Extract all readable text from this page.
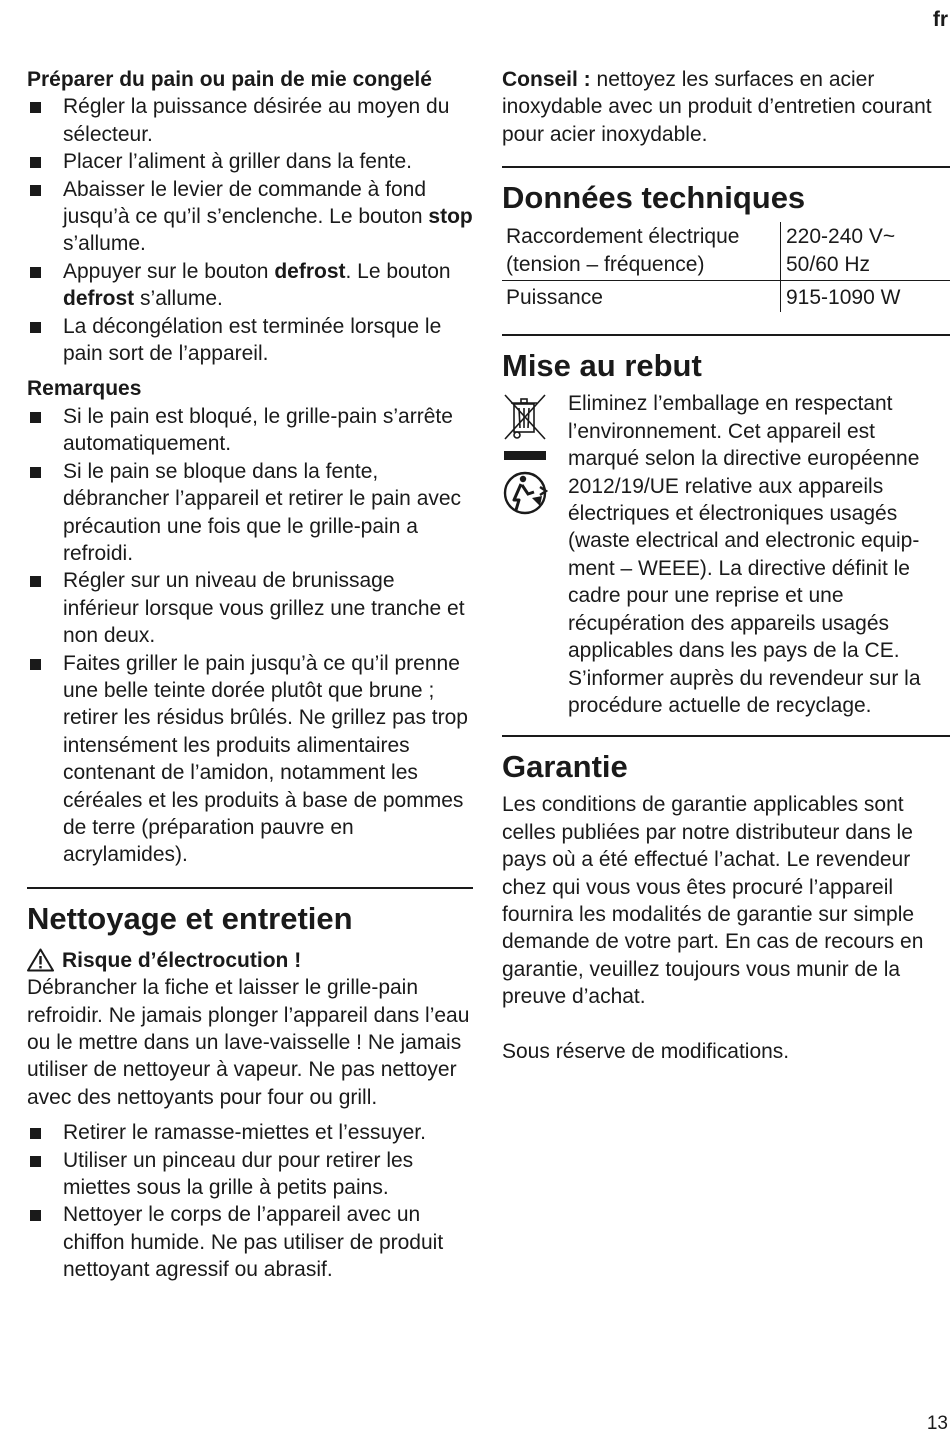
fr

Préparer du pain ou pain de mie congelé

Régler la puissance désirée au moyen du sélecteur.
Placer l’aliment à griller dans la fente.
Abaisser le levier de commande à fond jusqu’à ce qu’il s’enclenche. Le bouton stop s’allume.
Appuyer sur le bouton defrost. Le bouton defrost s’allume.
La décongélation est terminée lorsque le pain sort de l’appareil.

Remarques

Si le pain est bloqué, le grille-pain s’arrête automatiquement.
Si le pain se bloque dans la fente, débrancher l’appareil et retirer le pain avec précaution une fois que le grille-pain a refroidi.
Régler sur un niveau de brunissage inférieur lorsque vous grillez une tranche et non deux.
Faites griller le pain jusqu’à ce qu’il prenne une belle teinte dorée plutôt que brune ; retirer les résidus brûlés. Ne grillez pas trop intensément les produits alimentaires contenant de l’amidon, notamment les céréales et les produits à base de pommes de terre (préparation pauvre en acrylamides).
Nettoyage et entretien
Risque d’électrocution !

Débrancher la fiche et laisser le grille-pain refroidir. Ne jamais plonger l’appareil dans l’eau ou le mettre dans un lave-vaisselle ! Ne jamais utiliser de nettoyeur à vapeur. Ne pas nettoyer avec des nettoyants pour four ou grill.

Retirer le ramasse-miettes et l’essuyer.
Utiliser un pinceau dur pour retirer les miettes sous la grille à petits pains.
Nettoyer le corps de l’appareil avec un chiffon humide. Ne pas utiliser de produit nettoyant agressif ou abrasif.

Conseil : nettoyez les surfaces en acier inoxydable avec un produit d’entretien courant pour acier inoxydable.

Données techniques
Raccordement électrique (tension – fréquence)	220-240 V~ 50/60 Hz
Puissance	915-1090 W
Mise au rebut

Eliminez l’emballage en respectant l’environnement. Cet appareil est marqué selon la directive européenne 2012/19/UE relative aux appareils électriques et électroniques usagés (waste electrical and electronic equipment – WEEE). La directive définit le cadre pour une reprise et une récupération des appareils usagés applicables dans les pays de la CE. S’informer auprès du revendeur sur la procédure actuelle de recyclage.

Garantie

Les conditions de garantie applicables sont celles publiées par notre distributeur dans le pays où a été effectué l’achat. Le revendeur chez qui vous vous êtes procuré l’appareil fournira les modalités de garantie sur simple demande de votre part. En cas de recours en garantie, veuillez toujours vous munir de la preuve d’achat.

Sous réserve de modifications.

13
